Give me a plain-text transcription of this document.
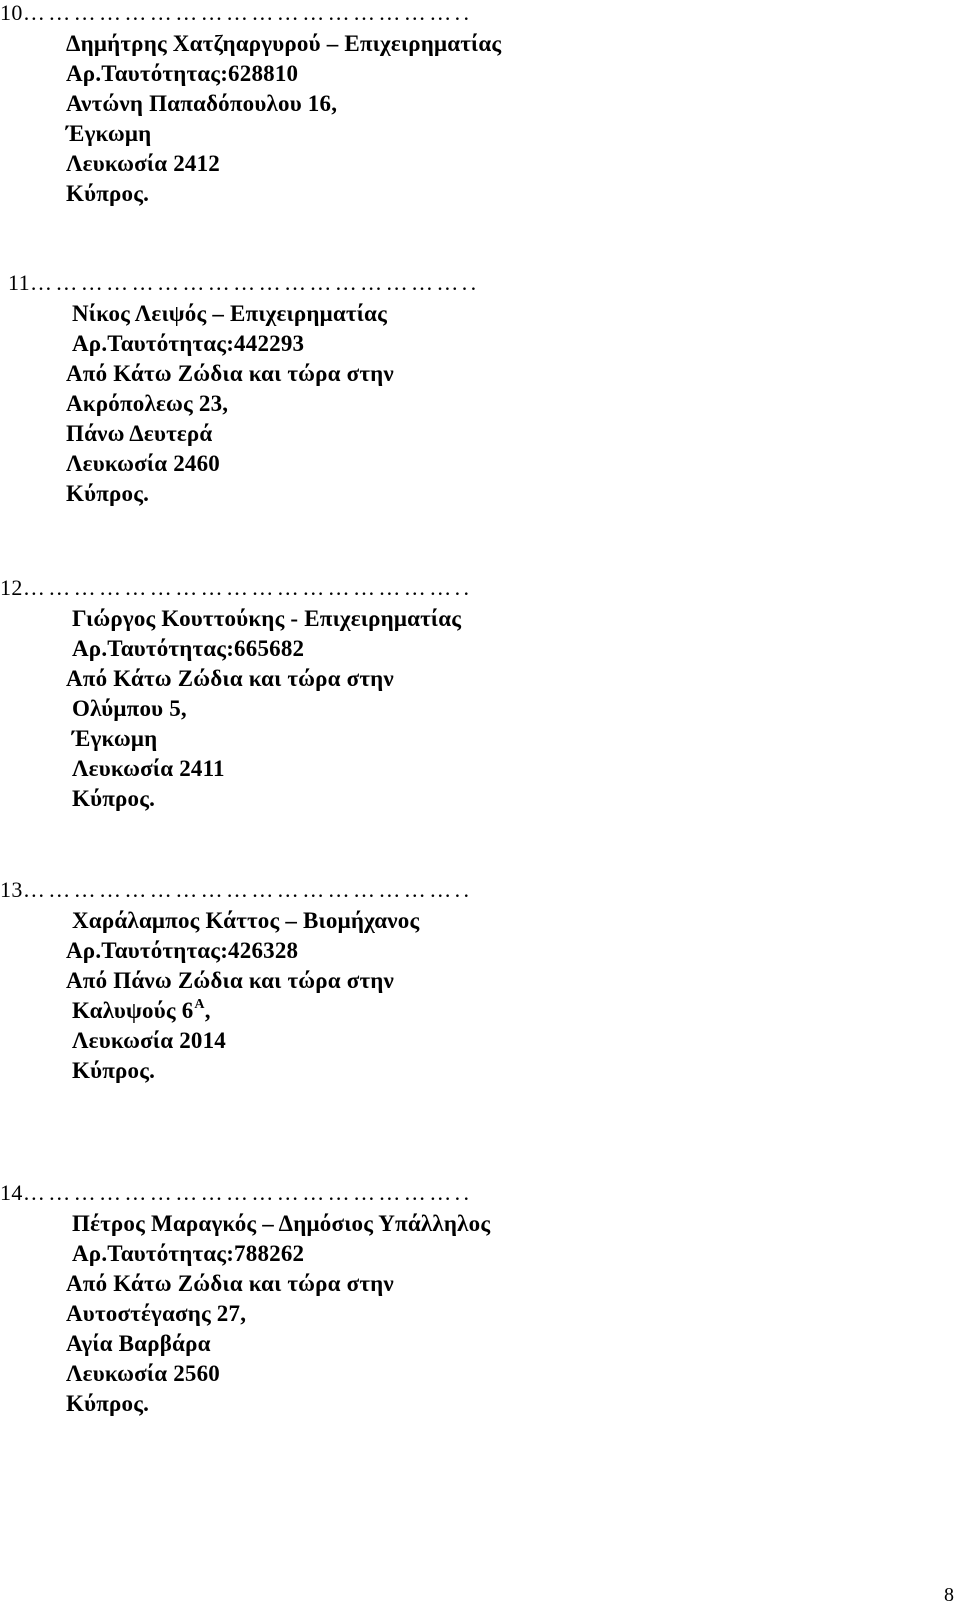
10……………………………………………..
Δημήτρης Χατζηαργυρού – Επιχειρηματίας
Αρ.Ταυτότητας:628810
Αντώνη Παπαδόπουλου 16,
Έγκωμη
Λευκωσία 2412
Κύπρος.
11……………………………………………..
Νίκος Λειψός – Επιχειρηματίας
Αρ.Ταυτότητας:442293
Από Κάτω Ζώδια και τώρα στην
Ακρόπολεως 23,
Πάνω Δευτερά
Λευκωσία 2460
Κύπρος.
12……………………………………………..
Γιώργος Κουττούκης - Επιχειρηματίας
Αρ.Ταυτότητας:665682
Από Κάτω Ζώδια και τώρα στην
Ολύμπου 5,
Έγκωμη
Λευκωσία 2411
Κύπρος.
13……………………………………………..
Χαράλαμπος Κάττος – Βιομήχανος
Αρ.Ταυτότητας:426328
Από Πάνω Ζώδια και τώρα στην
Καλυψούς $6^A$,
Λευκωσία 2014
Κύπρος.
14……………………………………………..
Πέτρος Μαραγκός – Δημόσιος Υπάλληλος
Αρ.Ταυτότητας:788262
Από Κάτω Ζώδια και τώρα στην
Αυτοστέγασης 27,
Αγία Βαρβάρα
Λευκωσία 2560
Κύπρος.
8
